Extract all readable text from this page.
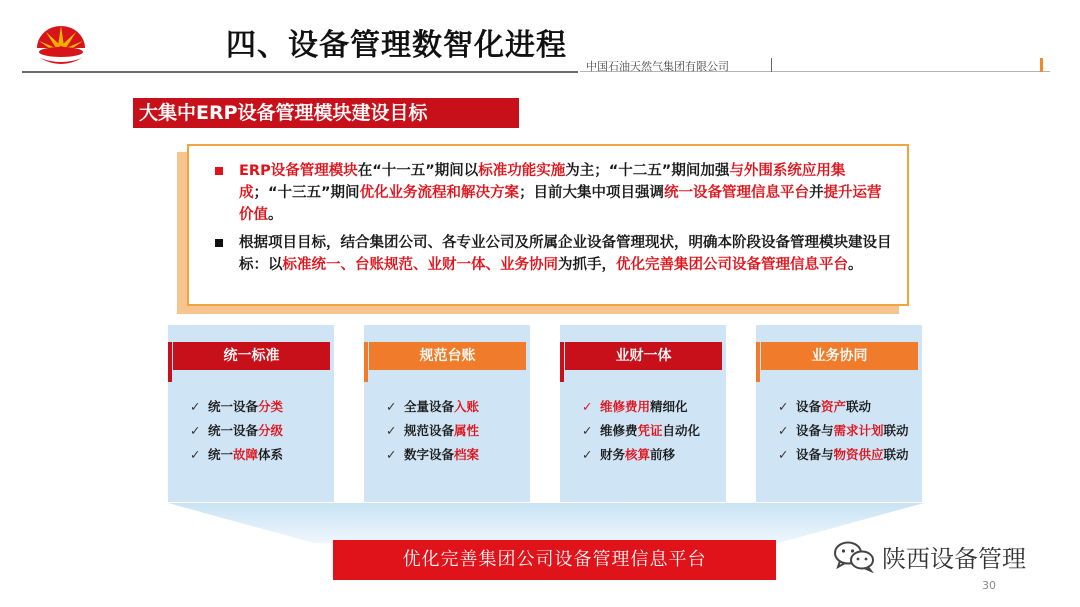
四、设备管理数智化进程
中国石油天然气集团有限公司
大集中ERP设备管理模块建设目标
ERP设备管理模块在“十一五”期间以标准功能实施为主；“十二五”期间加强与外围系统应用集成；“十三五”期间优化业务流程和解决方案；目前大集中项目强调统一设备管理信息平台并提升运营价值。
根据项目目标，结合集团公司、各专业公司及所属企业设备管理现状，明确本阶段设备管理模块建设目标：以标准统一、台账规范、业财一体、业务协同为抓手，优化完善集团公司设备管理信息平台。
统一标准
✓ 统一设备分类
✓ 统一设备分级
✓ 统一故障体系
规范台账
✓ 全量设备入账
✓ 规范设备属性
✓ 数字设备档案
业财一体
✓ 维修费用精细化
✓ 维修费凭证自动化
✓ 财务核算前移
业务协同
✓ 设备资产联动
✓ 设备与需求计划联动
✓ 设备与物资供应联动
优化完善集团公司设备管理信息平台	陕西设备管理
30
